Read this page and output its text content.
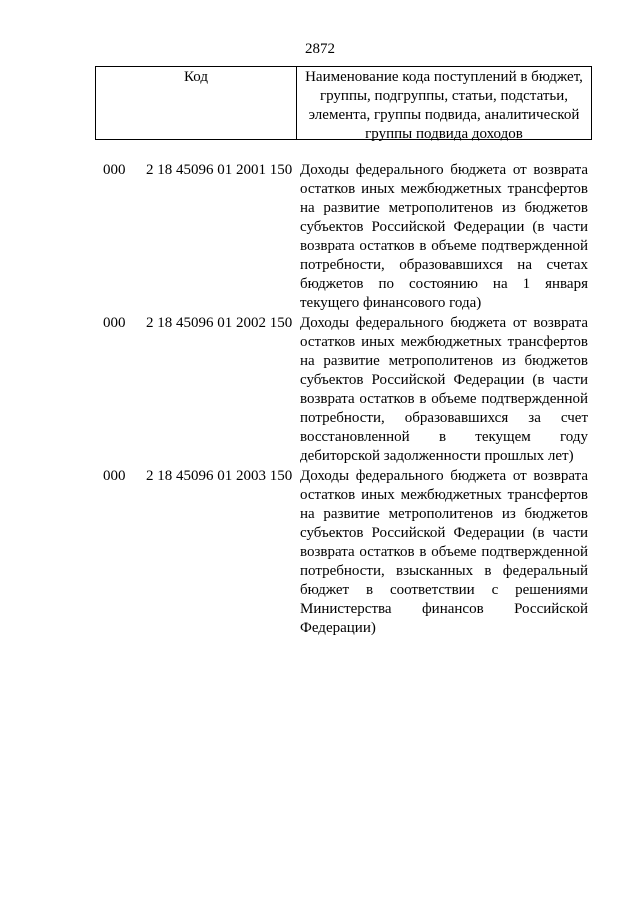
2872
Код	Наименование кода поступлений в бюджет, группы, подгруппы, статьи, подстатьи, элемента, группы подвида, аналитической группы подвида доходов
000	2 18 45096 01 2001 150 Доходы федерального бюджета от возврата
остатков иных межбюджетных трансфертов
на развитие метрополитенов из бюджетов
субъектов Российской Федерации (в части
возврата остатков в объеме подтвержденной
потребности, образовавшихся на счетах
бюджетов по состоянию на 1 января
текущего финансового года)
000	2 18 45096 01 2002 150 Доходы федерального бюджета от возврата
остатков иных межбюджетных трансфертов
на развитие метрополитенов из бюджетов
субъектов Российской Федерации (в части
возврата остатков в объеме подтвержденной
потребности, образовавшихся за счет
восстановленной в текущем году
дебиторской задолженности прошлых лет)
000	2 18 45096 01 2003 150 Доходы федерального бюджета от возврата
остатков иных межбюджетных трансфертов
на развитие метрополитенов из бюджетов
субъектов Российской Федерации (в части
возврата остатков в объеме подтвержденной
потребности, взысканных в федеральный
бюджет в соответствии с решениями
Министерства финансов Российской
Федерации)
